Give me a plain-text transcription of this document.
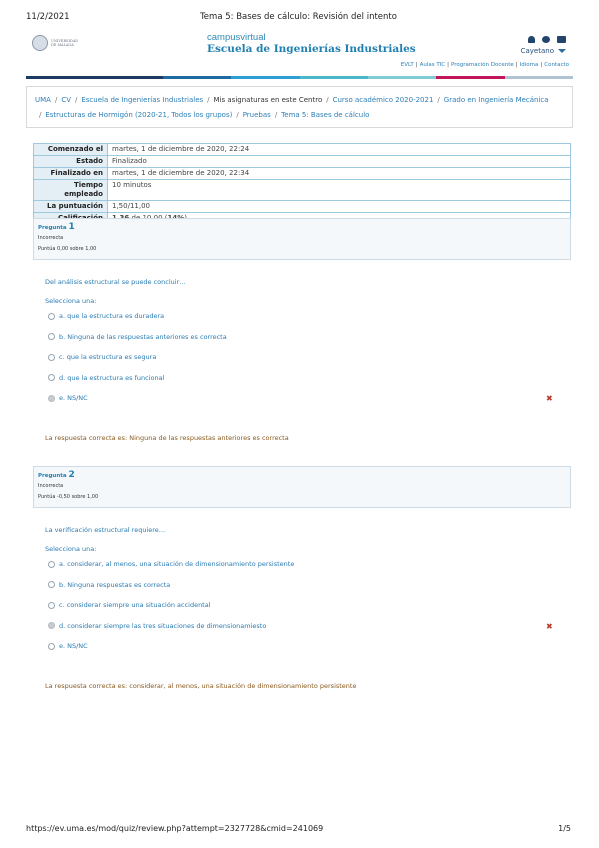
11/2/2021	Tema 5: Bases de cálculo: Revisión del intento
UNIVERSIDAD
DE MÁLAGA
campusvirtual
Escuela de Ingenierías Industriales	Cayetano
EVLT | Aulas TIC | Programación Docente | Idioma | Contacto
UMA / CV / Escuela de Ingenierías Industriales / Mis asignaturas en este Centro / Curso académico 2020-2021 / Grado en Ingeniería Mecánica
/ Estructuras de Hormigón (2020-21, Todos los grupos) / Pruebas / Tema 5: Bases de cálculo
Comenzado el	martes, 1 de diciembre de 2020, 22:24
Estado	Finalizado
Finalizado en	martes, 1 de diciembre de 2020, 22:34
Tiempo empleado	10 minutos
La puntuación	1,50/11,00

Pregunta 1
Incorrecta
Puntúa 0,00 sobre 1,00
Del análisis estructural se puede concluir…
Selecciona una:
a. que la estructura es duradera
b. Ninguna de las respuestas anteriores es correcta
c. que la estructura es segura
d. que la estructura es funcional
e. NS/NC	✖
La respuesta correcta es: Ninguna de las respuestas anteriores es correcta
Pregunta 2
Incorrecta
Puntúa -0,50 sobre 1,00
La verificación estructural requiere…
Selecciona una:
a. considerar, al menos, una situación de dimensionamiento persistente
b. Ninguna respuestas es correcta
c. considerar siempre una situación accidental
d. considerar siempre las tres situaciones de dimensionamiesto	✖
e. NS/NC
La respuesta correcta es: considerar, al menos, una situación de dimensionamiento persistente
https://ev.uma.es/mod/quiz/review.php?attempt=2327728&cmid=241069	1/5
